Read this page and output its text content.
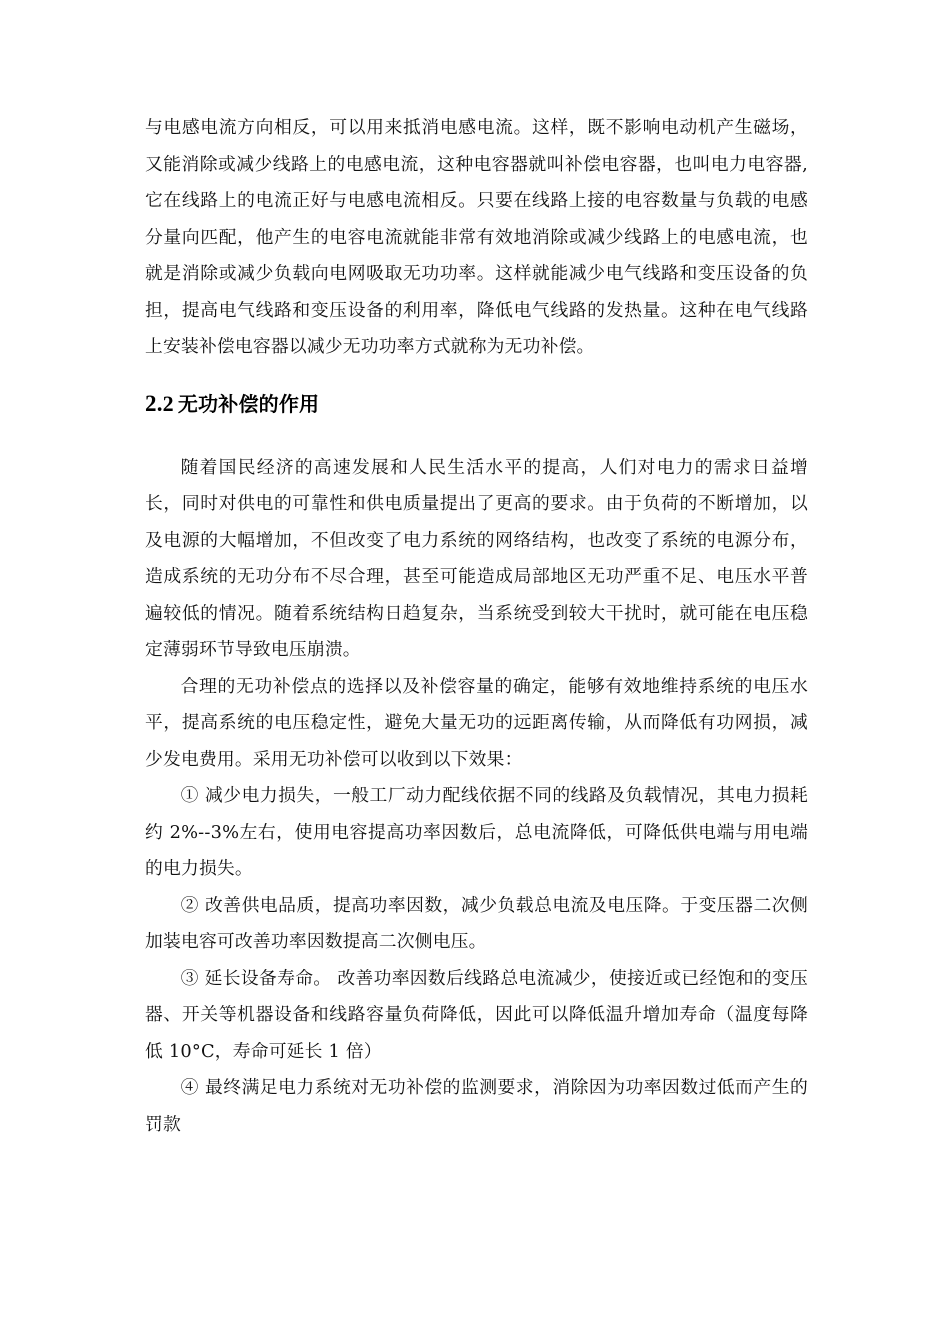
与电感电流方向相反，可以用来抵消电感电流。这样，既不影响电动机产生磁场，又能消除或减少线路上的电感电流，这种电容器就叫补偿电容器，也叫电力电容器, 它在线路上的电流正好与电感电流相反。只要在线路上接的电容数量与负载的电感分量向匹配，他产生的电容电流就能非常有效地消除或减少线路上的电感电流，也就是消除或减少负载向电网吸取无功功率。这样就能减少电气线路和变压设备的负担，提高电气线路和变压设备的利用率，降低电气线路的发热量。这种在电气线路上安装补偿电容器以减少无功功率方式就称为无功补偿。

2.2 无功补偿的作用

随着国民经济的高速发展和人民生活水平的提高，人们对电力的需求日益增长，同时对供电的可靠性和供电质量提出了更高的要求。由于负荷的不断增加，以及电源的大幅增加，不但改变了电力系统的网络结构，也改变了系统的电源分布，造成系统的无功分布不尽合理，甚至可能造成局部地区无功严重不足、电压水平普遍较低的情况。随着系统结构日趋复杂，当系统受到较大干扰时，就可能在电压稳定薄弱环节导致电压崩溃。

合理的无功补偿点的选择以及补偿容量的确定，能够有效地维持系统的电压水平，提高系统的电压稳定性，避免大量无功的远距离传输，从而降低有功网损，减少发电费用。采用无功补偿可以收到以下效果：

① 减少电力损失，一般工厂动力配线依据不同的线路及负载情况，其电力损耗约 2%--3%左右，使用电容提高功率因数后，总电流降低，可降低供电端与用电端的电力损失。

② 改善供电品质，提高功率因数，减少负载总电流及电压降。于变压器二次侧加装电容可改善功率因数提高二次侧电压。

③ 延长设备寿命。 改善功率因数后线路总电流减少，使接近或已经饱和的变压器、开关等机器设备和线路容量负荷降低，因此可以降低温升增加寿命（温度每降低 10°C，寿命可延长 1 倍）

④ 最终满足电力系统对无功补偿的监测要求，消除因为功率因数过低而产生的罚款
